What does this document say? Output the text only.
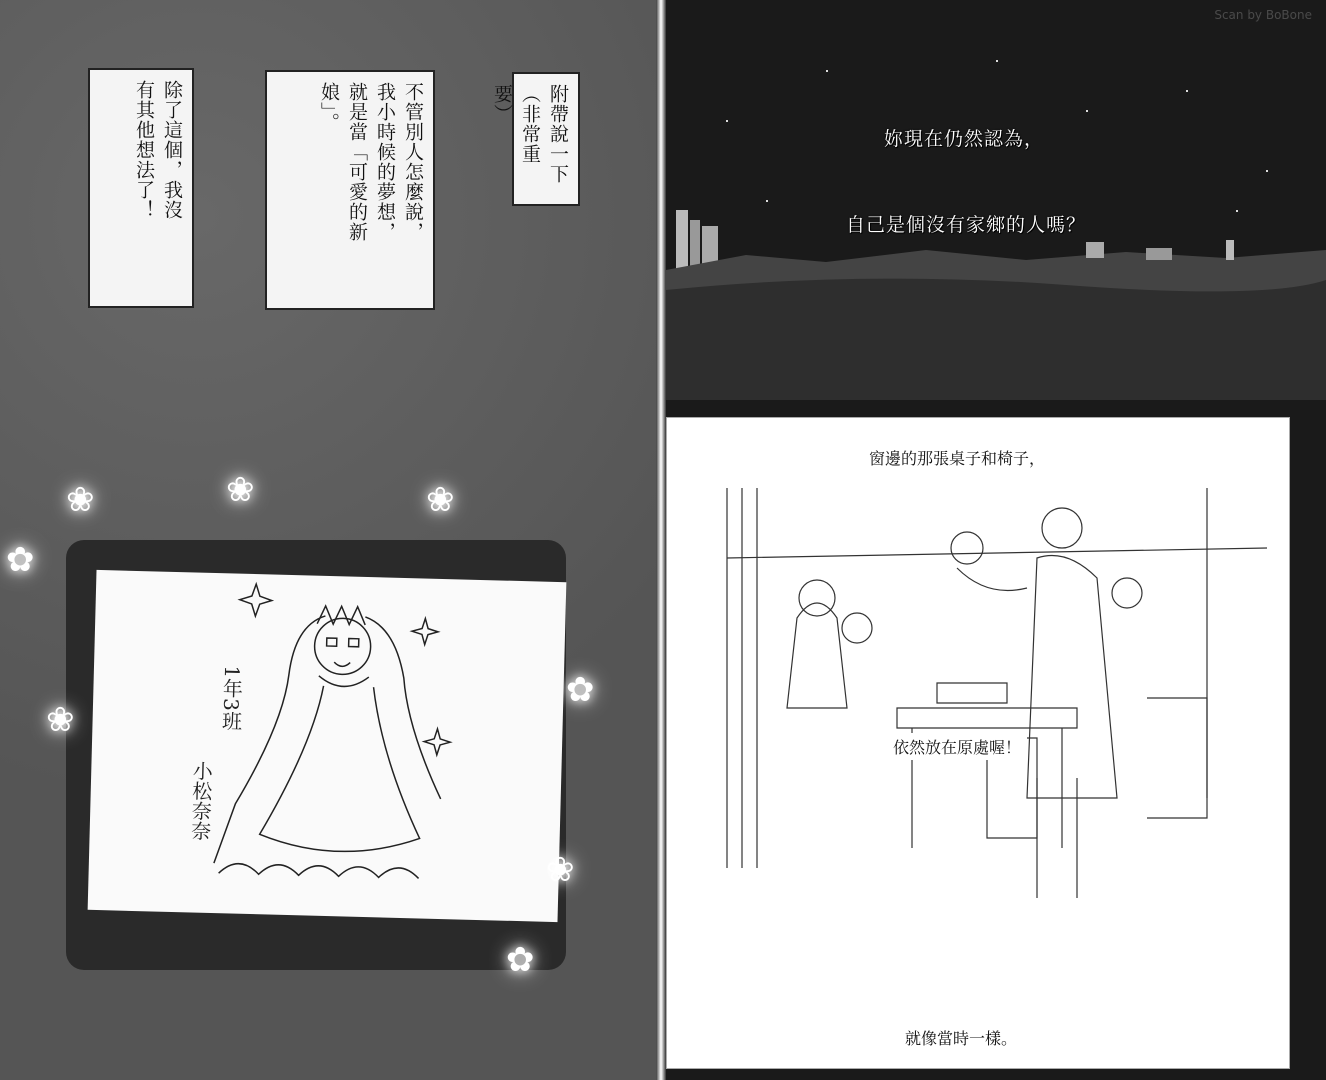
附帶說一下
（非常重要）
不管別人怎麼說，
我小時候的夢想，
就是當「可愛的新
娘」。
除了這個，我沒
有其他想法了！
1年3班
小松奈奈
❀	❀	❀
✿
❀
✿
❀
✿
Scan by BoBone
妳現在仍然認為，
自己是個沒有家鄉的人嗎？
窗邊的那張桌子和椅子，
依然放在原處喔！
就像當時一樣。
